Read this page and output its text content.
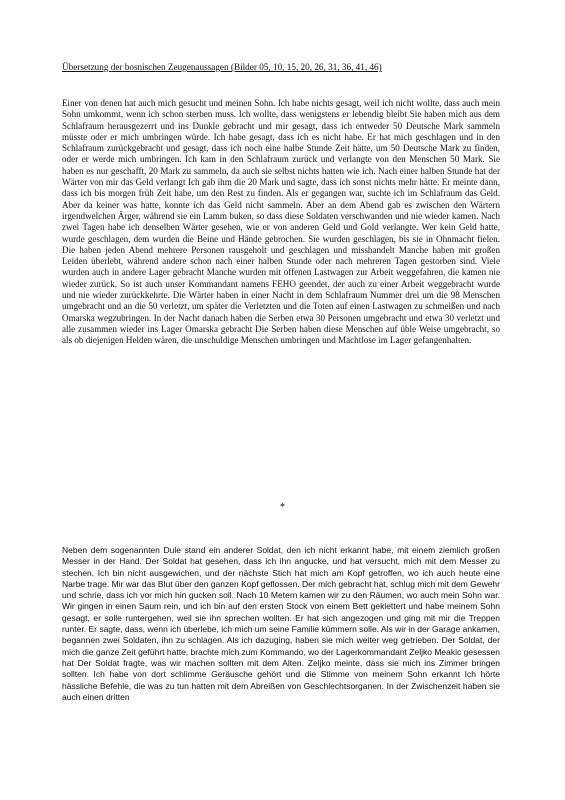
Übersetzung der bosnischen Zeugenaussagen (Bilder 05, 10, 15, 20, 26, 31, 36, 41, 46)

Einer von denen hat auch mich gesucht und meinen Sohn. Ich habe nichts gesagt, weil ich nicht wollte, dass auch mein Sohn umkommt, wenn ich schon sterben muss. Ich wollte, dass wenigstens er lebendig bleibt Sie haben mich aus dem Schlafraum herausgezerrt und ins Dunkle gebracht und mir gesagt, dass ich entweder 50 Deutsche Mark sammeln müsste oder er mich umbringen würde. Ich habe gesagt, dass ich es nicht habe. Er hat mich geschlagen und in den Schlafraum zurückgebracht und gesagt, dass ich noch eine halbe Stunde Zeit hätte, um 50 Deutsche Mark zu finden, oder er werde mich umbringen. Ich kam in den Schlafraum zurück und verlangte von den Menschen 50 Mark. Sie haben es nur geschafft, 20 Mark zu sammeln, da auch sie selbst nichts hatten wie ich. Nach einer halben Stunde hat der Wärter von mir das Geld verlangt Ich gab ihm die 20 Mark und sagte, dass ich sonst nichts mehr hätte. Er meinte dann, dass ich bis morgen früh Zeit habe, um den Rest zu finden. Als er gegangen war, suchte ich im Schlafraum das Geld. Aber da keiner was hatte, konnte ich das Geld nicht sammeln. Aber an dem Abend gab es zwischen den Wärtern irgendwelchen Ärger, während sie ein Lamm buken, so dass diese Soldaten verschwanden und nie wieder kamen. Nach zwei Tagen habe ich denselben Wärter gesehen, wie er von anderen Geld und Gold verlangte. Wer kein Geld hatte, wurde geschlagen, dem wurden die Beine und Hände gebrochen. Sie wurden geschlagen, bis sie in Ohnmacht fielen. Die haben jeden Abend mehrere Personen rausgeholt und geschlagen und misshandelt Manche haben mit großen Leiden überlebt, während andere schon nach einer halben Stunde oder nach mehreren Tagen gestorben sind. Viele wurden auch in andere Lager gebracht Manche wurden mit offenen Lastwagen zur Arbeit weggefahren, die kamen nie wieder zurück. So ist auch unser Kommandant namens FEHO geendet, der auch zu einer Arbeit weggebracht wurde und nie wieder zurückkehrte. Die Wärter haben in einer Nacht in dem Schlafraum Nummer drei um die 98 Menschen umgebracht und an die 50 verletzt, um später die Verletzten und die Toten auf einen Lastwagen zu schmeißen und nach Omarska wegzubringen. In der Nacht danach haben die Serben etwa 30 Personen umgebracht und etwa 30 verletzt und alle zusammen wieder ins Lager Omarska gebracht Die Serben haben diese Menschen auf üble Weise umgebracht, so als ob diejenigen Helden wären, die unschuldige Menschen umbringen und Machtlose im Lager gefangenhalten.

*

Neben dem sogenannten Dule stand ein anderer Soldat, den ich nicht erkannt habe, mit einem ziemlich großen Messer in der Hand. Der Soldat hat gesehen, dass ich ihn angucke, und hat versucht, mich mit dem Messer zu stechen. Ich bin nicht ausgewichen, und der nächste Stich hat mich am Kopf getroffen, wo ich auch heute eine Narbe trage. Mir war das Blut über den ganzen Kopf geflossen. Der mich gebracht hat, schlug mich mit dem Gewehr und schrie, dass ich vor mich hin gucken soll. Nach 10 Metern kamen wir zu den Räumen, wo auch mein Sohn war. Wir gingen in einen Saum rein, und ich bin auf den ersten Stock von einem Bett geklettert und habe meinem Sohn gesagt, er solle runtergehen, weil sie ihn sprechen wollten. Er hat sich angezogen und ging mit mir die Treppen runter. Er sagte, dass, wenn ich überlebe, ich mich um seine Familie kümmern solle. Als wir in der Garage ankamen, begannen zwei Soldaten, ihn zu schlagen. Als ich dazuging, haben sie mich weiter weg getrieben. Der Soldat, der mich die ganze Zeit geführt hatte, brachte mich zum Kommando, wo der Lagerkommandant Zeljko Meakic gesessen hat Der Soldat fragte, was wir machen sollten mit dem Alten. Zeljko meinte, dass sie mich ins Zimmer bringen sollten. Ich habe von dort schlimme Geräusche gehört und die Stimme von meinem Sohn erkannt Ich hörte hässliche Befehle, die was zu tun hatten mit dem Abreißen von Geschlechtsorganen. In der Zwischenzeit haben sie auch einen dritten
